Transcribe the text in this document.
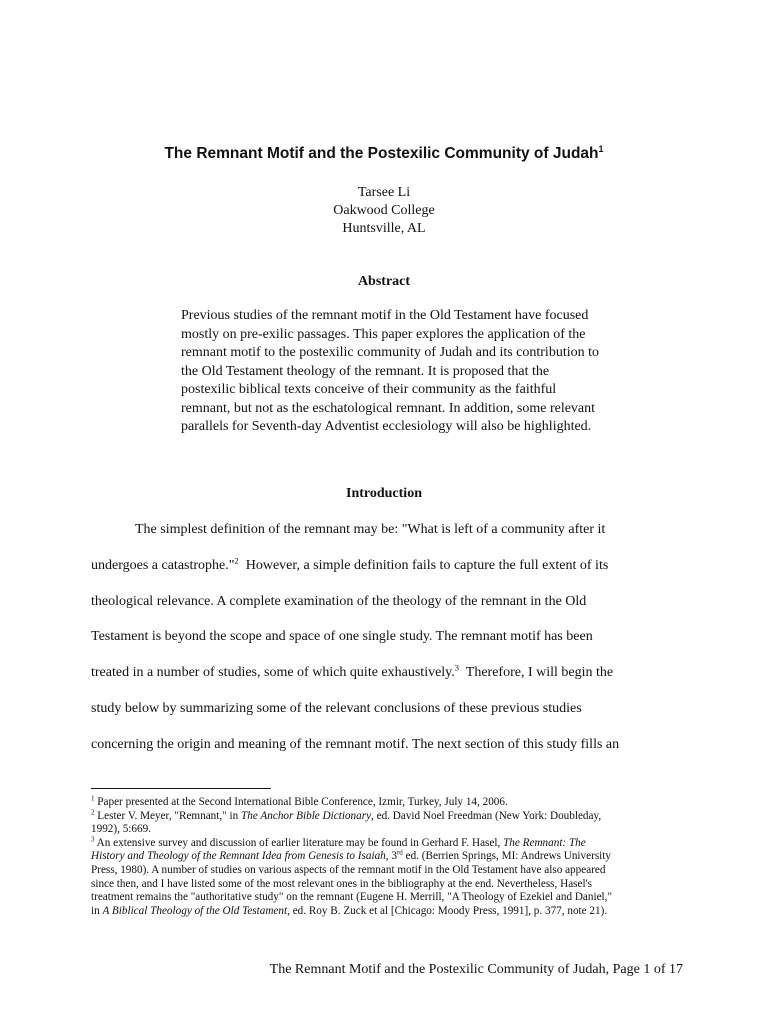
The Remnant Motif and the Postexilic Community of Judah$^1$
Tarsee Li
Oakwood College
Huntsville, AL
Abstract
Previous studies of the remnant motif in the Old Testament have focused
mostly on pre-exilic passages. This paper explores the application of the
remnant motif to the postexilic community of Judah and its contribution to
the Old Testament theology of the remnant. It is proposed that the
postexilic biblical texts conceive of their community as the faithful
remnant, but not as the eschatological remnant. In addition, some relevant
parallels for Seventh-day Adventist ecclesiology will also be highlighted.
Introduction
The simplest definition of the remnant may be: "What is left of a community after it
undergoes a catastrophe."$^2$  However, a simple definition fails to capture the full extent of its
theological relevance. A complete examination of the theology of the remnant in the Old
Testament is beyond the scope and space of one single study. The remnant motif has been
treated in a number of studies, some of which quite exhaustively.$^3$  Therefore, I will begin the
study below by summarizing some of the relevant conclusions of these previous studies
concerning the origin and meaning of the remnant motif. The next section of this study fills an
$^1$ Paper presented at the Second International Bible Conference, Izmir, Turkey, July 14, 2006.
$^2$ Lester V. Meyer, "Remnant," in The Anchor Bible Dictionary, ed. David Noel Freedman (New York: Doubleday,
1992), 5:669.
$^3$ An extensive survey and discussion of earlier literature may be found in Gerhard F. Hasel, The Remnant: The
History and Theology of the Remnant Idea from Genesis to Isaiah, 3rd ed. (Berrien Springs, MI: Andrews University
Press, 1980). A number of studies on various aspects of the remnant motif in the Old Testament have also appeared
since then, and I have listed some of the most relevant ones in the bibliography at the end. Nevertheless, Hasel's
treatment remains the "authoritative study" on the remnant (Eugene H. Merrill, "A Theology of Ezekiel and Daniel,"
in A Biblical Theology of the Old Testament, ed. Roy B. Zuck et al [Chicago: Moody Press, 1991], p. 377, note 21).
The Remnant Motif and the Postexilic Community of Judah, Page 1 of 17
